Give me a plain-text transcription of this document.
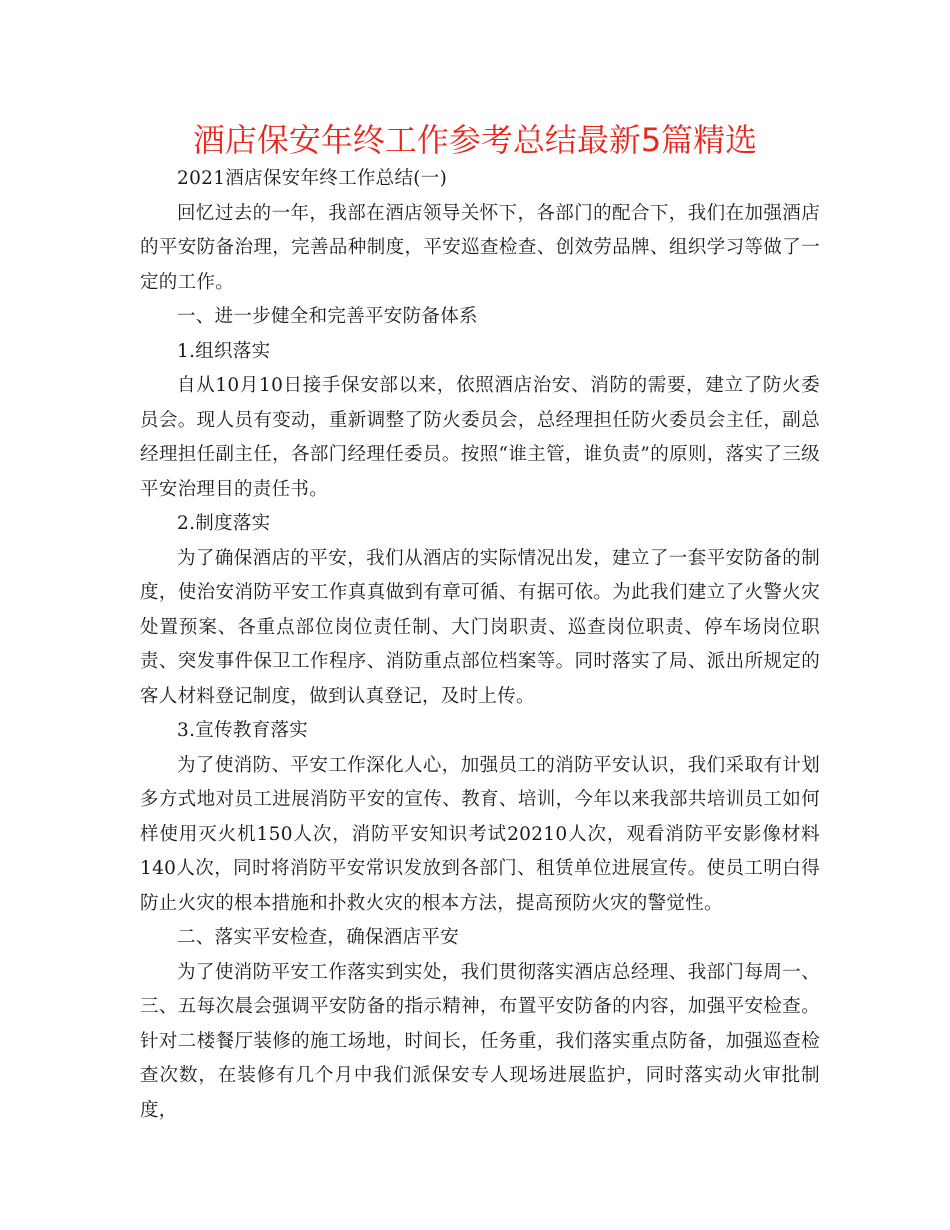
酒店保安年终工作参考总结最新5篇精选

2021酒店保安年终工作总结(一)

回忆过去的一年，我部在酒店领导关怀下，各部门的配合下，我们在加强酒店的平安防备治理，完善品种制度，平安巡查检查、创效劳品牌、组织学习等做了一定的工作。

一、进一步健全和完善平安防备体系

1.组织落实

自从10月10日接手保安部以来，依照酒店治安、消防的需要，建立了防火委员会。现人员有变动，重新调整了防火委员会，总经理担任防火委员会主任，副总经理担任副主任，各部门经理任委员。按照“谁主管，谁负责”的原则，落实了三级平安治理目的责任书。

2.制度落实

为了确保酒店的平安，我们从酒店的实际情况出发，建立了一套平安防备的制度，使治安消防平安工作真真做到有章可循、有据可依。为此我们建立了火警火灾处置预案、各重点部位岗位责任制、大门岗职责、巡查岗位职责、停车场岗位职责、突发事件保卫工作程序、消防重点部位档案等。同时落实了局、派出所规定的客人材料登记制度，做到认真登记，及时上传。

3.宣传教育落实

为了使消防、平安工作深化人心，加强员工的消防平安认识，我们采取有计划多方式地对员工进展消防平安的宣传、教育、培训，今年以来我部共培训员工如何样使用灭火机150人次，消防平安知识考试20210人次，观看消防平安影像材料140人次，同时将消防平安常识发放到各部门、租赁单位进展宣传。使员工明白得防止火灾的根本措施和扑救火灾的根本方法，提高预防火灾的警觉性。

二、落实平安检查，确保酒店平安

为了使消防平安工作落实到实处，我们贯彻落实酒店总经理、我部门每周一、三、五每次晨会强调平安防备的指示精神，布置平安防备的内容，加强平安检查。针对二楼餐厅装修的施工场地，时间长，任务重，我们落实重点防备，加强巡查检查次数，在装修有几个月中我们派保安专人现场进展监护，同时落实动火审批制度，
